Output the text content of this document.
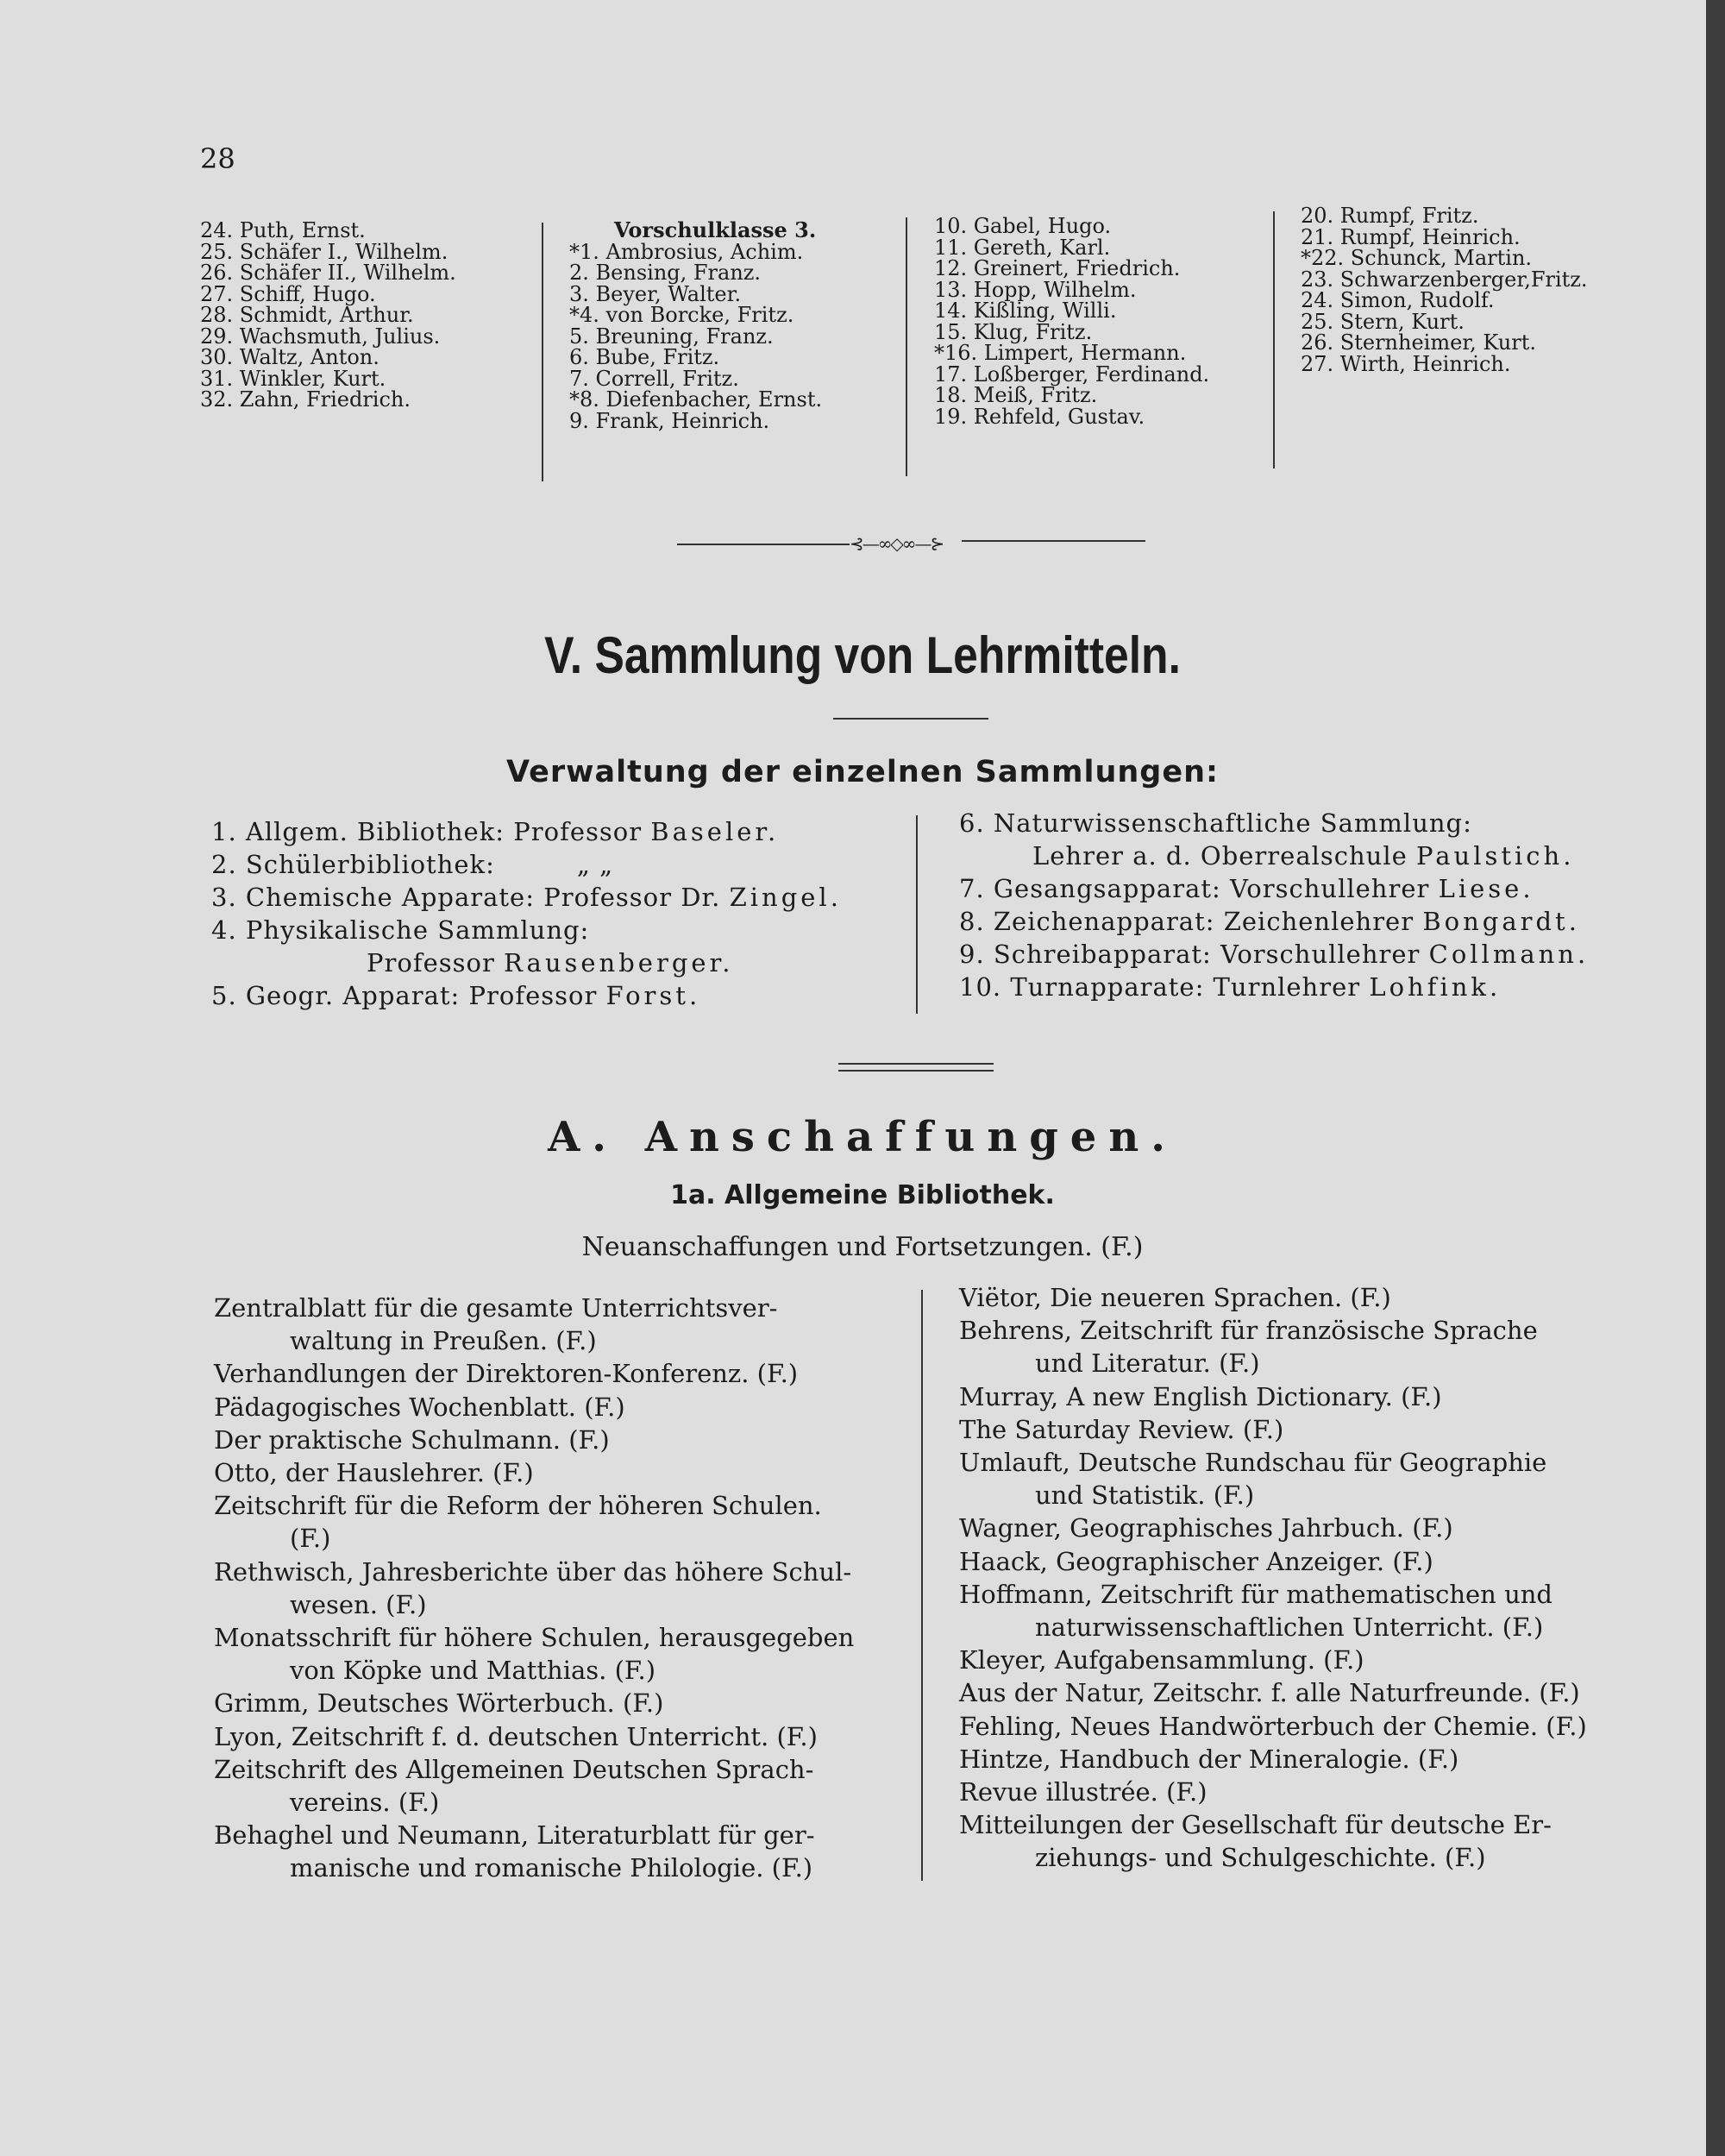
28
24. Puth, Ernst.
25. Schäfer I., Wilhelm.
26. Schäfer II., Wilhelm.
27. Schiff, Hugo.
28. Schmidt, Arthur.
29. Wachsmuth, Julius.
30. Waltz, Anton.
31. Winkler, Kurt.
32. Zahn, Friedrich.
Vorschulklasse 3.
*1. Ambrosius, Achim.
2. Bensing, Franz.
3. Beyer, Walter.
*4. von Borcke, Fritz.
5. Breuning, Franz.
6. Bube, Fritz.
7. Correll, Fritz.
*8. Diefenbacher, Ernst.
9. Frank, Heinrich.
10. Gabel, Hugo.
11. Gereth, Karl.
12. Greinert, Friedrich.
13. Hopp, Wilhelm.
14. Kißling, Willi.
15. Klug, Fritz.
*16. Limpert, Hermann.
17. Loßberger, Ferdinand.
18. Meiß, Fritz.
19. Rehfeld, Gustav.
20. Rumpf, Fritz.
21. Rumpf, Heinrich.
*22. Schunck, Martin.
23. Schwarzenberger,Fritz.
24. Simon, Rudolf.
25. Stern, Kurt.
26. Sternheimer, Kurt.
27. Wirth, Heinrich.
⊰—∞◇∞—⊱
V. Sammlung von Lehrmitteln.
Verwaltung der einzelnen Sammlungen:
1. Allgem. Bibliothek: Professor Baseler.
2. Schülerbibliothek:	„ „
3. Chemische Apparate: Professor Dr. Zingel.
4. Physikalische Sammlung:
Professor Rausenberger.
5. Geogr. Apparat: Professor Forst.
6. Naturwissenschaftliche Sammlung:
Lehrer a. d. Oberrealschule Paulstich.
7. Gesangsapparat: Vorschullehrer Liese.
8. Zeichenapparat: Zeichenlehrer Bongardt.
9. Schreibapparat: Vorschullehrer Collmann.
10. Turnapparate: Turnlehrer Lohfink.
A. Anschaffungen.
1a. Allgemeine Bibliothek.
Neuanschaffungen und Fortsetzungen. (F.)
Zentralblatt für die gesamte Unterrichtsver-
waltung in Preußen. (F.)
Verhandlungen der Direktoren-Konferenz. (F.)
Pädagogisches Wochenblatt. (F.)
Der praktische Schulmann. (F.)
Otto, der Hauslehrer. (F.)
Zeitschrift für die Reform der höheren Schulen.
(F.)
Rethwisch, Jahresberichte über das höhere Schul-
wesen. (F.)
Monatsschrift für höhere Schulen, herausgegeben
von Köpke und Matthias. (F.)
Grimm, Deutsches Wörterbuch. (F.)
Lyon, Zeitschrift f. d. deutschen Unterricht. (F.)
Zeitschrift des Allgemeinen Deutschen Sprach-
vereins. (F.)
Behaghel und Neumann, Literaturblatt für ger-
manische und romanische Philologie. (F.)
Viëtor, Die neueren Sprachen. (F.)
Behrens, Zeitschrift für französische Sprache
und Literatur. (F.)
Murray, A new English Dictionary. (F.)
The Saturday Review. (F.)
Umlauft, Deutsche Rundschau für Geographie
und Statistik. (F.)
Wagner, Geographisches Jahrbuch. (F.)
Haack, Geographischer Anzeiger. (F.)
Hoffmann, Zeitschrift für mathematischen und
naturwissenschaftlichen Unterricht. (F.)
Kleyer, Aufgabensammlung. (F.)
Aus der Natur, Zeitschr. f. alle Naturfreunde. (F.)
Fehling, Neues Handwörterbuch der Chemie. (F.)
Hintze, Handbuch der Mineralogie. (F.)
Revue illustrée. (F.)
Mitteilungen der Gesellschaft für deutsche Er-
ziehungs- und Schulgeschichte. (F.)
